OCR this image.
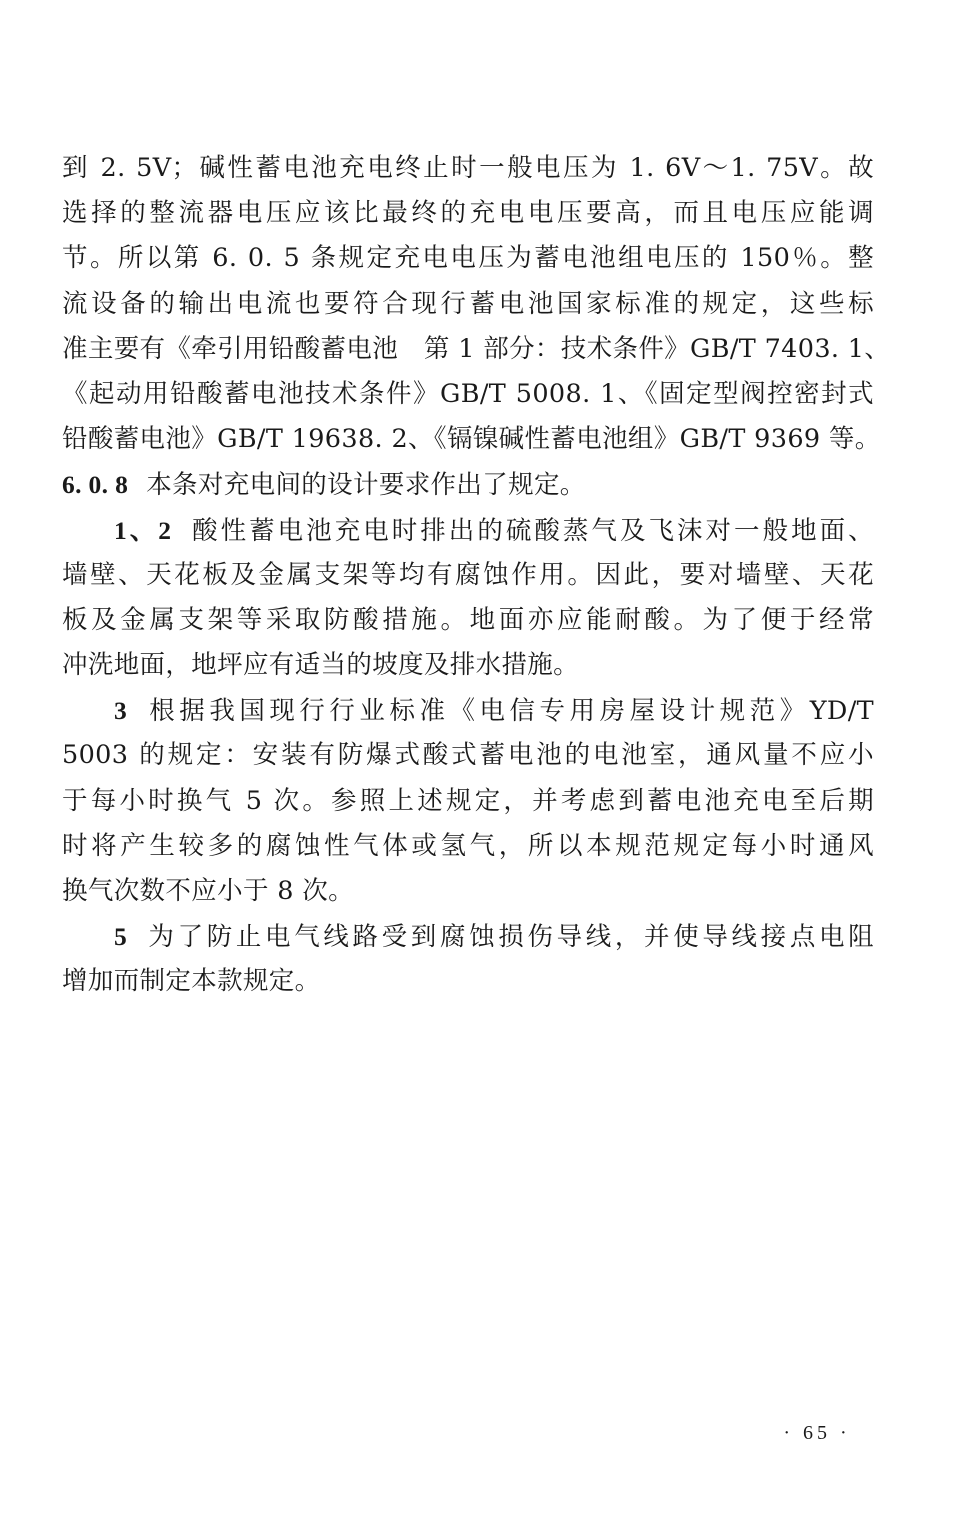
到 2. 5V；碱性蓄电池充电终止时一般电压为 1. 6V～1. 75V。故
选择的整流器电压应该比最终的充电电压要高，而且电压应能调
节。所以第 6. 0. 5 条规定充电电压为蓄电池组电压的 150％。整
流设备的输出电流也要符合现行蓄电池国家标准的规定，这些标
准主要有《牵引用铅酸蓄电池　第 1 部分：技术条件》GB/T 7403. 1、
《起动用铅酸蓄电池技术条件》GB/T 5008. 1、《固定型阀控密封式
铅酸蓄电池》GB/T 19638. 2、《镉镍碱性蓄电池组》GB/T 9369 等。
6. 0. 8 本条对充电间的设计要求作出了规定。
1、2 酸性蓄电池充电时排出的硫酸蒸气及飞沫对一般地面、
墙壁、天花板及金属支架等均有腐蚀作用。因此，要对墙壁、天花
板及金属支架等采取防酸措施。地面亦应能耐酸。为了便于经常
冲洗地面，地坪应有适当的坡度及排水措施。
3 根据我国现行行业标准《电信专用房屋设计规范》YD/T
5003 的规定：安装有防爆式酸式蓄电池的电池室，通风量不应小
于每小时换气 5 次。参照上述规定，并考虑到蓄电池充电至后期
时将产生较多的腐蚀性气体或氢气，所以本规范规定每小时通风
换气次数不应小于 8 次。
5 为了防止电气线路受到腐蚀损伤导线，并使导线接点电阻
增加而制定本款规定。
· 65 ·
